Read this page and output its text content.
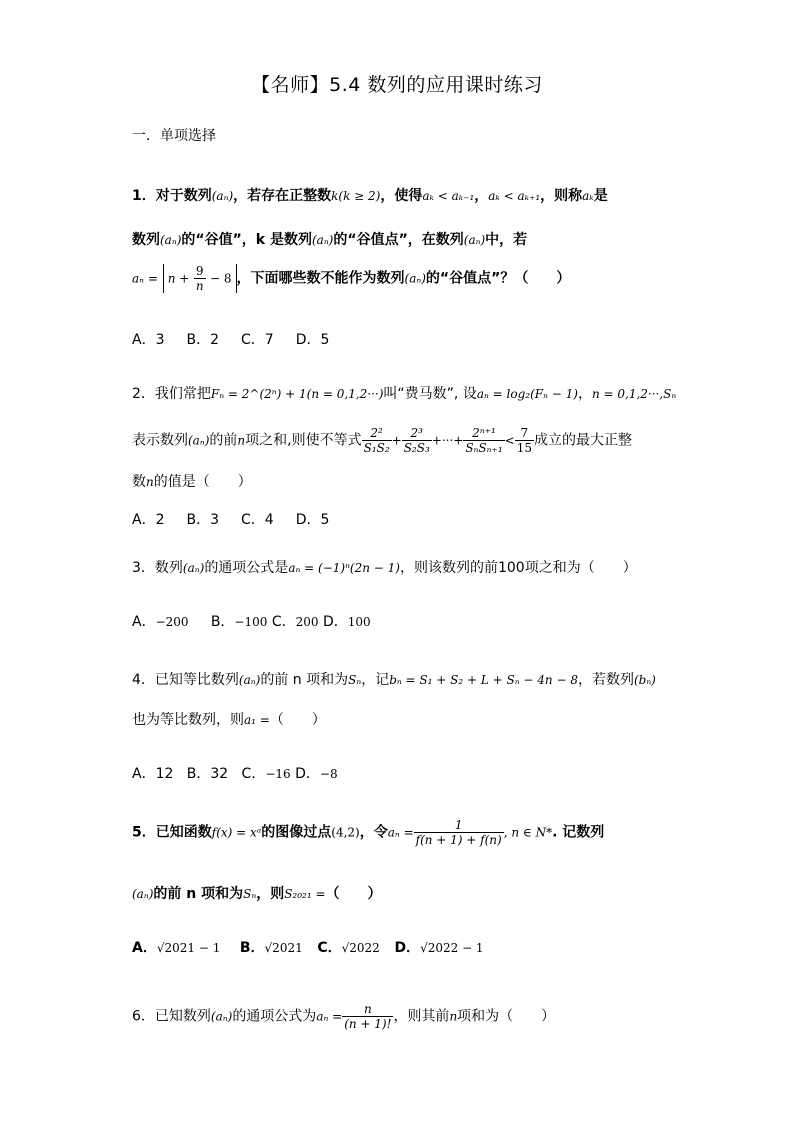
【名师】5.4 数列的应用课时练习
一．单项选择
1．对于数列(aₙ)，若存在正整数k(k ≥ 2)，使得aₖ < aₖ₋₁，aₖ < aₖ₊₁，则称aₖ是
数列(aₙ)的“谷值”，k 是数列(aₙ)的“谷值点”，在数列(aₙ)中，若
$a_n = n + \frac{9}{n} - 8$ ，下面哪些数不能作为数列(aₙ)的“谷值点”？（　　）
A．3 B．2 C．7 D．5
2．我们常把Fₙ = 2^(2ⁿ) + 1(n = 0,1,2···)叫“费马数”, 设aₙ = log₂(Fₙ − 1)，n = 0,1,2···,Sₙ
表示数列(aₙ)的前n项之和,则使不等式 $\frac{\text{2²}}{\text{S₁S₂}} + \frac{\text{2³}}{\text{S₂S₃}}$ +···+ $\frac{\text{2ⁿ⁺¹}}{\text{SₙSₙ₊₁}} < \frac{7}{15}$ 成立的最大正整
数n的值是（　　）
A．2 B．3 C．4 D．5
3．数列(aₙ)的通项公式是aₙ = (−1)ⁿ(2n − 1)，则该数列的前100项之和为（　　）
A．−200 B．−100 C．200 D．100
4．已知等比数列(aₙ)的前 n 项和为Sₙ，记bₙ = S₁ + S₂ + L + Sₙ − 4n − 8，若数列(bₙ)
也为等比数列，则a₁ =（　　）
A．12 B．32 C．−16 D．−8
5．已知函数f(x) = xᵃ的图像过点(4,2)，令$a_n = \frac{1}{f(n + 1) + f(n)}$ , n ∈ N*. 记数列
(aₙ)的前 n 项和为Sₙ，则S₂₀₂₁ =（　　）
A．√2021 − 1 B．√2021 C．√2022 D．√2022 − 1
6．已知数列(aₙ)的通项公式为$a_n = \frac{n}{(n + 1)!}$ ，则其前n项和为（　　）
